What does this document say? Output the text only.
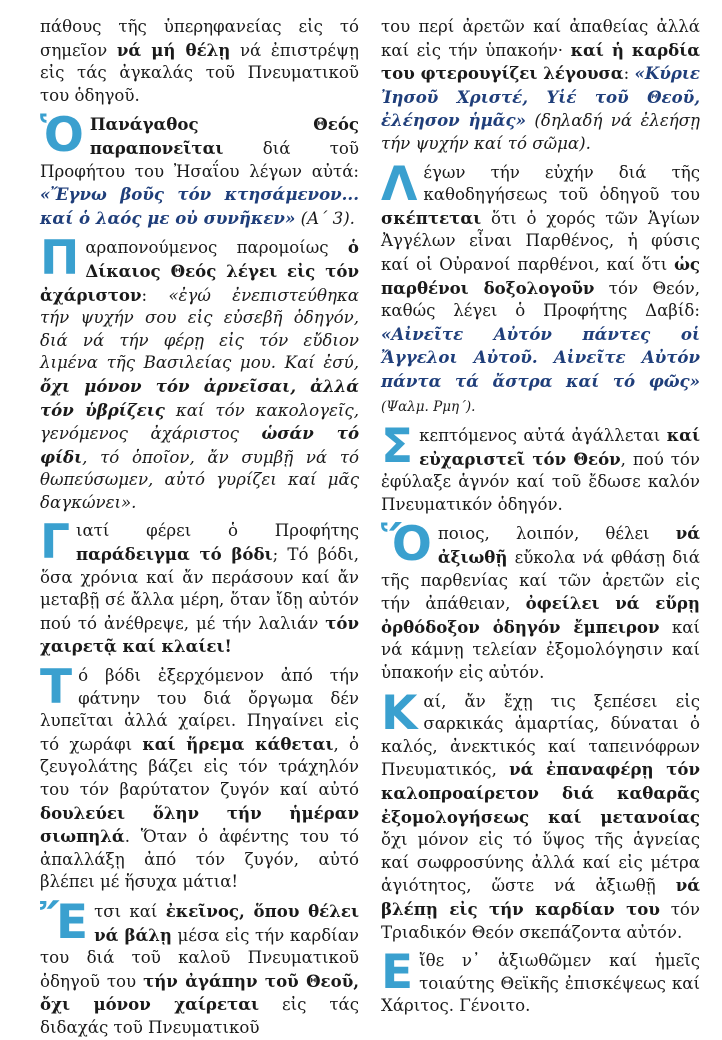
πάθους τῆς ὑπερηφανείας εἰς τό σημεῖον νά μή θέλῃ νά ἐπιστρέψῃ εἰς τάς ἀγκαλάς τοῦ Πνευματικοῦ του ὁδηγοῦ.

Ὁ Πανάγαθος Θεός παραπονεῖται διά τοῦ Προφήτου του Ἠσαΐου λέγων αὐτά: «Ἔγνω βοῦς τόν κτησάμενον... καί ὁ λαός με οὐ συνῆκεν» (Α΄ 3).

Παραπονούμενος παρομοίως ὁ Δίκαιος Θεός λέγει εἰς τόν ἀχάριστον: «ἐγώ ἐνεπιστεύθηκα τήν ψυχήν σου εἰς εὐσεβῆ ὁδηγόν, διά νά τήν φέρῃ εἰς τόν εὔδιον λιμένα τῆς Βασιλείας μου. Καί ἐσύ, ὄχι μόνον τόν ἀρνεῖσαι, ἀλλά τόν ὑβρίζεις καί τόν κακολογεῖς, γενόμενος ἀχάριστος ὡσάν τό φίδι, τό ὁποῖον, ἄν συμβῇ νά τό θωπεύσωμεν, αὐτό γυρίζει καί μᾶς δαγκώνει».

Γιατί φέρει ὁ Προφήτης παράδειγμα τό βόδι; Τό βόδι, ὅσα χρόνια καί ἄν περάσουν καί ἄν μεταβῇ σέ ἄλλα μέρη, ὅταν ἴδῃ αὐτόν πού τό ἀνέθρεψε, μέ τήν λαλιάν τόν χαιρετᾷ καί κλαίει!

Τό βόδι ἐξερχόμενον ἀπό τήν φάτνην του διά ὄργωμα δέν λυπεῖται ἀλλά χαίρει. Πηγαίνει εἰς τό χωράφι καί ἥρεμα κάθεται, ὁ ζευγολάτης βάζει εἰς τόν τράχηλόν του τόν βαρύτατον ζυγόν καί αὐτό δουλεύει ὅλην τήν ἡμέραν σιωπηλά. Ὅταν ὁ ἀφέντης του τό ἀπαλλάξῃ ἀπό τόν ζυγόν, αὐτό βλέπει μέ ἥσυχα μάτια!

Ἔτσι καί ἐκεῖνος, ὅπου θέλει νά βάλῃ μέσα εἰς τήν καρδίαν του διά τοῦ καλοῦ Πνευματικοῦ ὁδηγοῦ του τήν ἀγάπην τοῦ Θεοῦ, ὄχι μόνον χαίρεται εἰς τάς διδαχάς τοῦ Πνευματικοῦ

του περί ἀρετῶν καί ἀπαθείας ἀλλά καί εἰς τήν ὑπακοήν· καί ἡ καρδία του φτερουγίζει λέγουσα: «Κύριε Ἰησοῦ Χριστέ, Υἱέ τοῦ Θεοῦ, ἐλέησον ἡμᾶς» (δηλαδή νά ἐλεήσῃ τήν ψυχήν καί τό σῶμα).

Λέγων τήν εὐχήν διά τῆς καθοδηγήσεως τοῦ ὁδηγοῦ του σκέπτεται ὅτι ὁ χορός τῶν Ἁγίων Ἀγγέλων εἶναι Παρθένος, ἡ φύσις καί οἱ Οὐρανοί παρθένοι, καί ὅτι ὡς παρθένοι δοξολογοῦν τόν Θεόν, καθώς λέγει ὁ Προφήτης Δαβίδ: «Αἰνεῖτε Αὐτόν πάντες οἱ Ἄγγελοι Αὐτοῦ. Αἰνεῖτε Αὐτόν πάντα τά ἄστρα καί τό φῶς» (Ψαλμ. Ρμη΄).

Σκεπτόμενος αὐτά ἀγάλλεται καί εὐχαριστεῖ τόν Θεόν, πού τόν ἐφύλαξε ἁγνόν καί τοῦ ἔδωσε καλόν Πνευματικόν ὁδηγόν.

Ὅποιος, λοιπόν, θέλει νά ἀξιωθῇ εὔκολα νά φθάσῃ διά τῆς παρθενίας καί τῶν ἀρετῶν εἰς τήν ἀπάθειαν, ὀφείλει νά εὕρῃ ὀρθόδοξον ὁδηγόν ἔμπειρον καί νά κάμνῃ τελείαν ἐξομολόγησιν καί ὑπακοήν εἰς αὐτόν.

Καί, ἄν ἔχῃ τις ξεπέσει εἰς σαρκικάς ἁμαρτίας, δύναται ὁ καλός, ἀνεκτικός καί ταπεινόφρων Πνευματικός, νά ἐπαναφέρῃ τόν καλοπροαίρετον διά καθαρᾶς ἐξομολογήσεως καί μετανοίας ὄχι μόνον εἰς τό ὕψος τῆς ἁγνείας καί σωφροσύνης ἀλλά καί εἰς μέτρα ἁγιότητος, ὥστε νά ἀξιωθῇ νά βλέπῃ εἰς τήν καρδίαν του τόν Τριαδικόν Θεόν σκεπάζοντα αὐτόν.

Εἴθε ν᾽ ἀξιωθῶμεν καί ἡμεῖς τοιαύτης Θεϊκῆς ἐπισκέψεως καί Χάριτος. Γένοιτο.
